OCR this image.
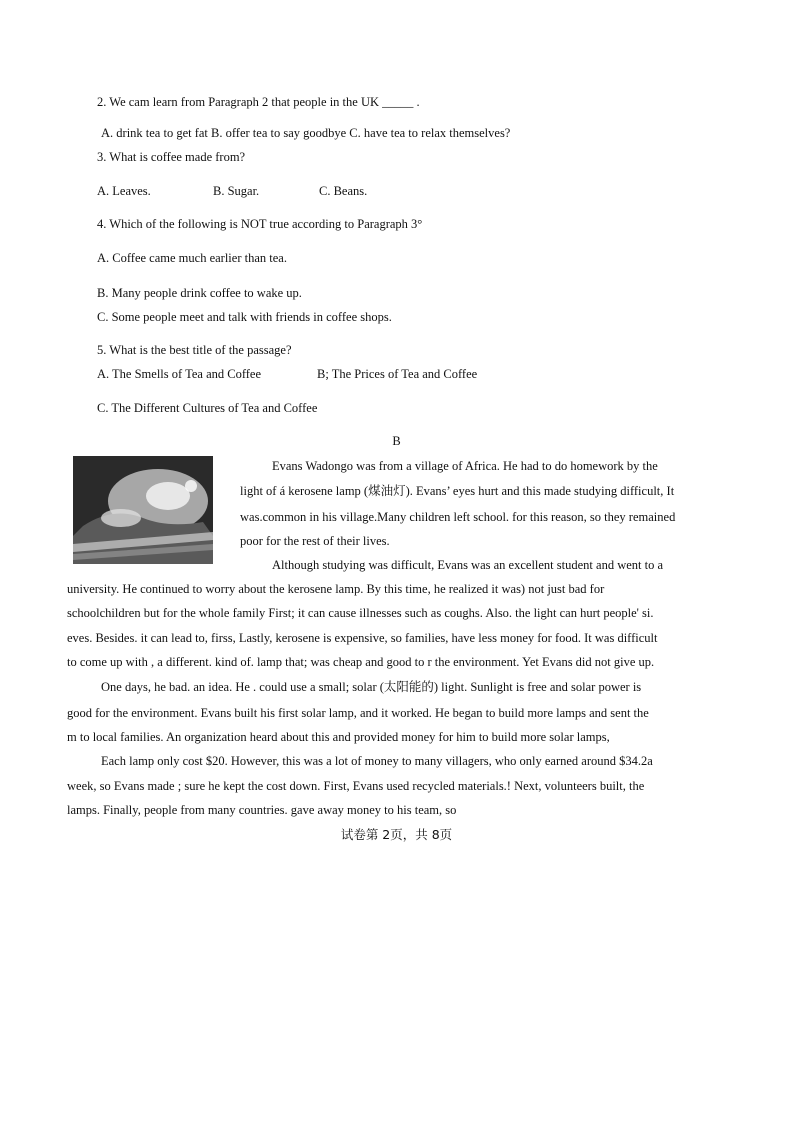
2. We cam learn from Paragraph 2 that people in the UK _____ .
A. drink tea to get fat B. offer tea to say goodbye C. have tea to relax themselves?
3. What is coffee made from?
A. Leaves.	B. Sugar.	C. Beans.
4. Which of the following is NOT true according to Paragraph 3°
A. Coffee came much earlier than tea.
B. Many people drink coffee to wake up.
C. Some people meet and talk with friends in coffee shops.
5. What is the best title of the passage?
A. The Smells of Tea and Coffee	B; The Prices of Tea and Coffee
C. The Different Cultures of Tea and Coffee
B
Evans Wadongo was from a village of Africa. He had to do homework by the
light of á kerosene lamp (煤油灯). Evans’ eyes hurt and this made studying difficult, It
was.common in his village.Many children left school. for this reason, so they remained
poor for the rest of their lives.
Although studying was difficult, Evans was an excellent student and went to a
university. He continued to worry about the kerosene lamp. By this time, he realized it was) not just bad for
schoolchildren but for the whole family First; it can cause illnesses such as coughs. Also. the light can hurt people' si.
eves. Besides. it can lead to, firss, Lastly, kerosene is expensive, so families, have less money for food. It was difficult
to come up with , a different. kind of. lamp that; was cheap and good to r the environment. Yet Evans did not give up.
One days, he bad. an idea. He . could use a small; solar (太阳能的) light. Sunlight is free and solar power is
good for the environment. Evans built his first solar lamp, and it worked. He began to build more lamps and sent the
m to local families. An organization heard about this and provided money for him to build more solar lamps,
Each lamp only cost $20. However, this was a lot of money to many villagers, who only earned around $34.2a
week, so Evans made ; sure he kept the cost down. First, Evans used recycled materials.! Next, volunteers built, the
lamps. Finally, people from many countries. gave away money to his team, so
试卷第 2页，共 8页
